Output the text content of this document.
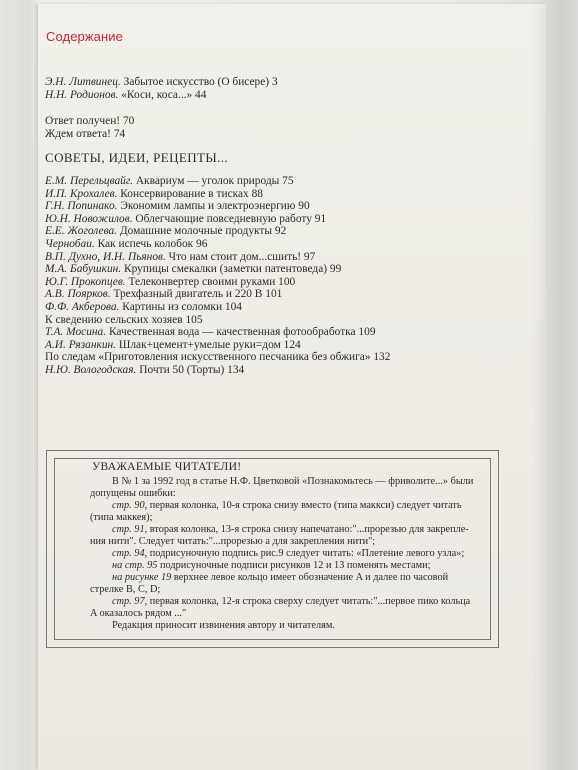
Содержание
Э.Н. Литвинец. Забытое искусство (О бисере) 3
Н.Н. Родионов. «Коси, коса...» 44
Ответ получен! 70
Ждем ответа! 74
СОВЕТЫ, ИДЕИ, РЕЦЕПТЫ...
Е.М. Перельцвайг. Аквариум — уголок природы 75
И.П. Крохалев. Консервирование в тисках 88
Г.Н. Попинако. Экономим лампы и электроэнергию 90
Ю.Н. Новожилов. Облегчающие повседневную работу 91
Е.Е. Жоголева. Домашние молочные продукты 92
Чернобаи. Как испечь колобок 96
В.П. Духно, И.Н. Пьянов. Что нам стоит дом...сшить! 97
М.А. Бабушкин. Крупицы смекалки (заметки патентоведа) 99
Ю.Г. Прокопцев. Телеконвертер своими руками 100
А.В. Поярков. Трехфазный двигатель и 220 В 101
Ф.Ф. Акберова. Картины из соломки 104
К сведению сельских хозяев 105
Т.А. Мосина. Качественная вода — качественная фотообработка 109
А.И. Рязанкин. Шлак+цемент+умелые руки=дом 124
По следам «Приготовления искусственного песчаника без обжига» 132
Н.Ю. Вологодская. Почти 50 (Торты) 134
УВАЖАЕМЫЕ ЧИТАТЕЛИ!
В № 1 за 1992 год в статье Н.Ф. Цветковой «Познакомьтесь — фриволите...» были
допущены ошибки:
стр. 90, первая колонка, 10-я строка снизу вместо (типа маккси) следует читать
(типа маккея);
стр. 91, вторая колонка, 13-я строка снизу напечатано:"...прорезью для закрепле-
ния нити". Следует читать:"...прорезью а для закрепления нити";
стр. 94, подрисуночную подпись рис.9 следует читать: «Плетение левого узла»;
на стр. 95 подрисуночные подписи рисунков 12 и 13 поменять местами;
на рисунке 19 верхнее левое кольцо имеет обозначение A и далее по часовой
стрелке B, C, D;
стр. 97, первая колонка, 12-я строка сверху следует читать:"...первое пико кольца
A оказалось рядом ..."
Редакция приносит извинения автору и читателям.
